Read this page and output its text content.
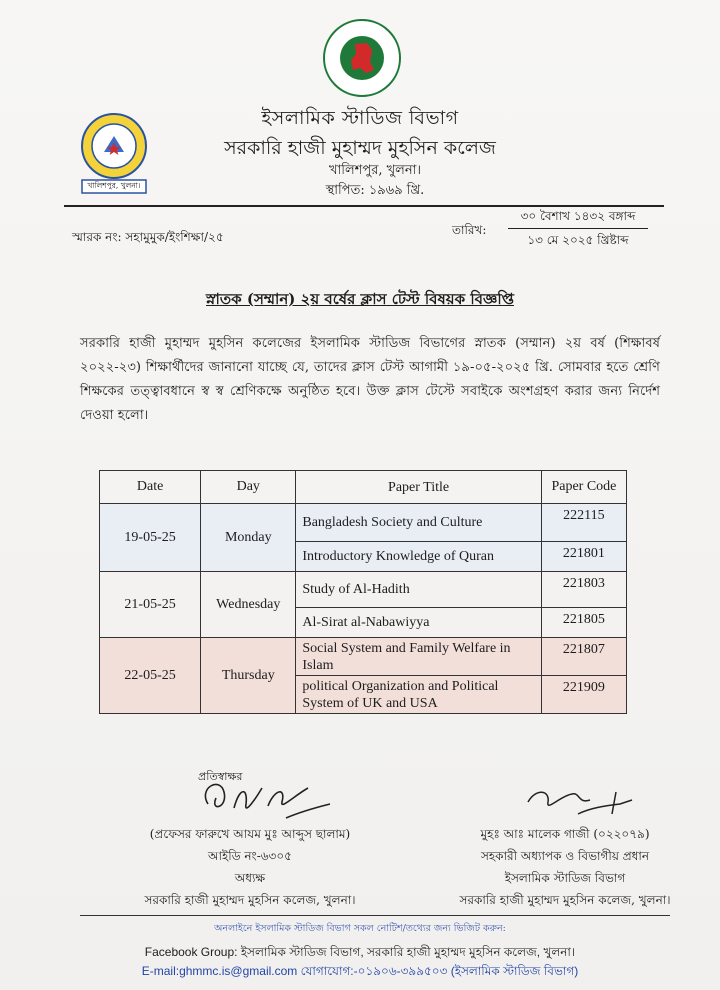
খালিশপুর, খুলনা।
ইসলামিক স্টাডিজ বিভাগ
সরকারি হাজী মুহাম্মদ মুহসিন কলেজ
খালিশপুর, খুলনা।
স্থাপিত: ১৯৬৯ খ্রি.
স্মারক নং: সহামুমুক/ইংশিক্ষা/২৫	তারিখ:
৩০ বৈশাখ ১৪৩২ বঙ্গাব্দ
১৩ মে ২০২৫ খ্রিষ্টাব্দ
স্নাতক (সম্মান) ২য় বর্ষের ক্লাস টেস্ট বিষয়ক বিজ্ঞপ্তি
সরকারি হাজী মুহাম্মদ মুহসিন কলেজের ইসলামিক স্টাডিজ বিভাগের স্নাতক (সম্মান) ২য় বর্ষ (শিক্ষাবর্ষ ২০২২-২৩) শিক্ষার্থীদের জানানো যাচ্ছে যে, তাদের ক্লাস টেস্ট আগামী ১৯-০৫-২০২৫ খ্রি. সোমবার হতে শ্রেণি শিক্ষকের তত্ত্বাবধানে স্ব স্ব শ্রেণিকক্ষে অনুষ্ঠিত হবে। উক্ত ক্লাস টেস্টে সবাইকে অংশগ্রহণ করার জন্য নির্দেশ দেওয়া হলো।
Date	Day	Paper Title	Paper Code
19-05-25	Monday	Bangladesh Society and Culture	222115
		Introductory Knowledge of Quran	221801
21-05-25	Wednesday	Study of Al-Hadith	221803
		Al-Sirat al-Nabawiyya	221805
22-05-25	Thursday	Social System and Family Welfare in Islam	221807
		political Organization and Political System of UK and USA	221909
প্রতিস্বাক্ষর
(প্রফেসর ফারুখে আযম মুঃ আব্দুস ছালাম)
আইডি নং-৬৩০৫
অধ্যক্ষ
সরকারি হাজী মুহাম্মদ মুহসিন কলেজ, খুলনা।
মুহঃ আঃ মালেক গাজী (০২২০৭৯)
সহকারী অধ্যাপক ও বিভাগীয় প্রধান
ইসলামিক স্টাডিজ বিভাগ
সরকারি হাজী মুহাম্মদ মুহসিন কলেজ, খুলনা।
অনলাইনে ইসলামিক স্টাডিজ বিভাগ সকল নোটিশ/তথ্যের জন্য ভিজিট করুন:
Facebook Group: ইসলামিক স্টাডিজ বিভাগ, সরকারি হাজী মুহাম্মদ মুহসিন কলেজ, খুলনা।
E-mail:ghmmc.is@gmail.com যোগাযোগ:-০১৯০৬-৩৯৯৫০৩ (ইসলামিক স্টাডিজ বিভাগ)
